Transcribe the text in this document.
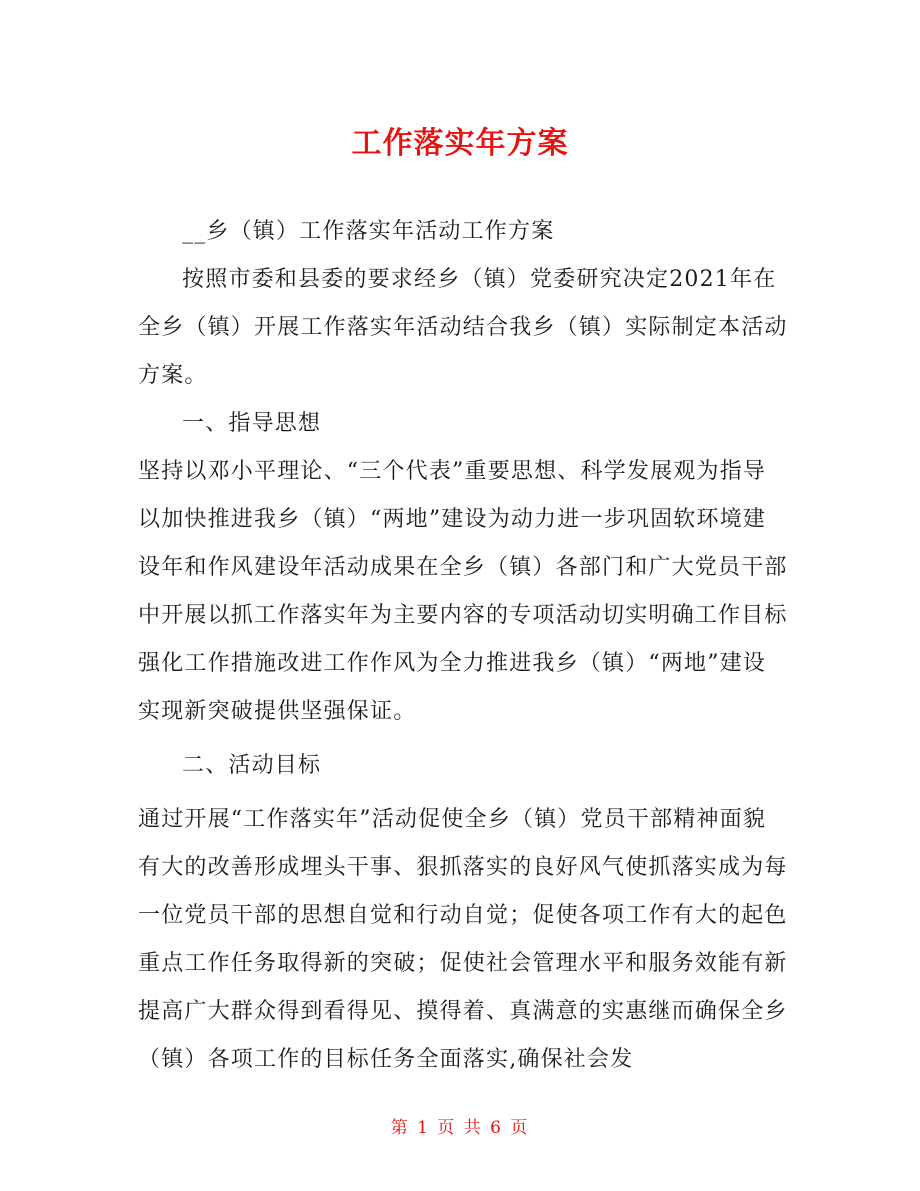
工作落实年方案

__乡（镇）工作落实年活动工作方案

按照市委和县委的要求经乡（镇）党委研究决定2021年在全乡（镇）开展工作落实年活动结合我乡（镇）实际制定本活动方案。

一、指导思想

坚持以邓小平理论、“三个代表”重要思想、科学发展观为指导以加快推进我乡（镇）“两地”建设为动力进一步巩固软环境建设年和作风建设年活动成果在全乡（镇）各部门和广大党员干部中开展以抓工作落实年为主要内容的专项活动切实明确工作目标强化工作措施改进工作作风为全力推进我乡（镇）“两地”建设实现新突破提供坚强保证。

二、活动目标

通过开展“工作落实年”活动促使全乡（镇）党员干部精神面貌有大的改善形成埋头干事、狠抓落实的良好风气使抓落实成为每一位党员干部的思想自觉和行动自觉；促使各项工作有大的起色重点工作任务取得新的突破；促使社会管理水平和服务效能有新提高广大群众得到看得见、摸得着、真满意的实惠继而确保全乡（镇）各项工作的目标任务全面落实,确保社会发

第 1 页 共 6 页
